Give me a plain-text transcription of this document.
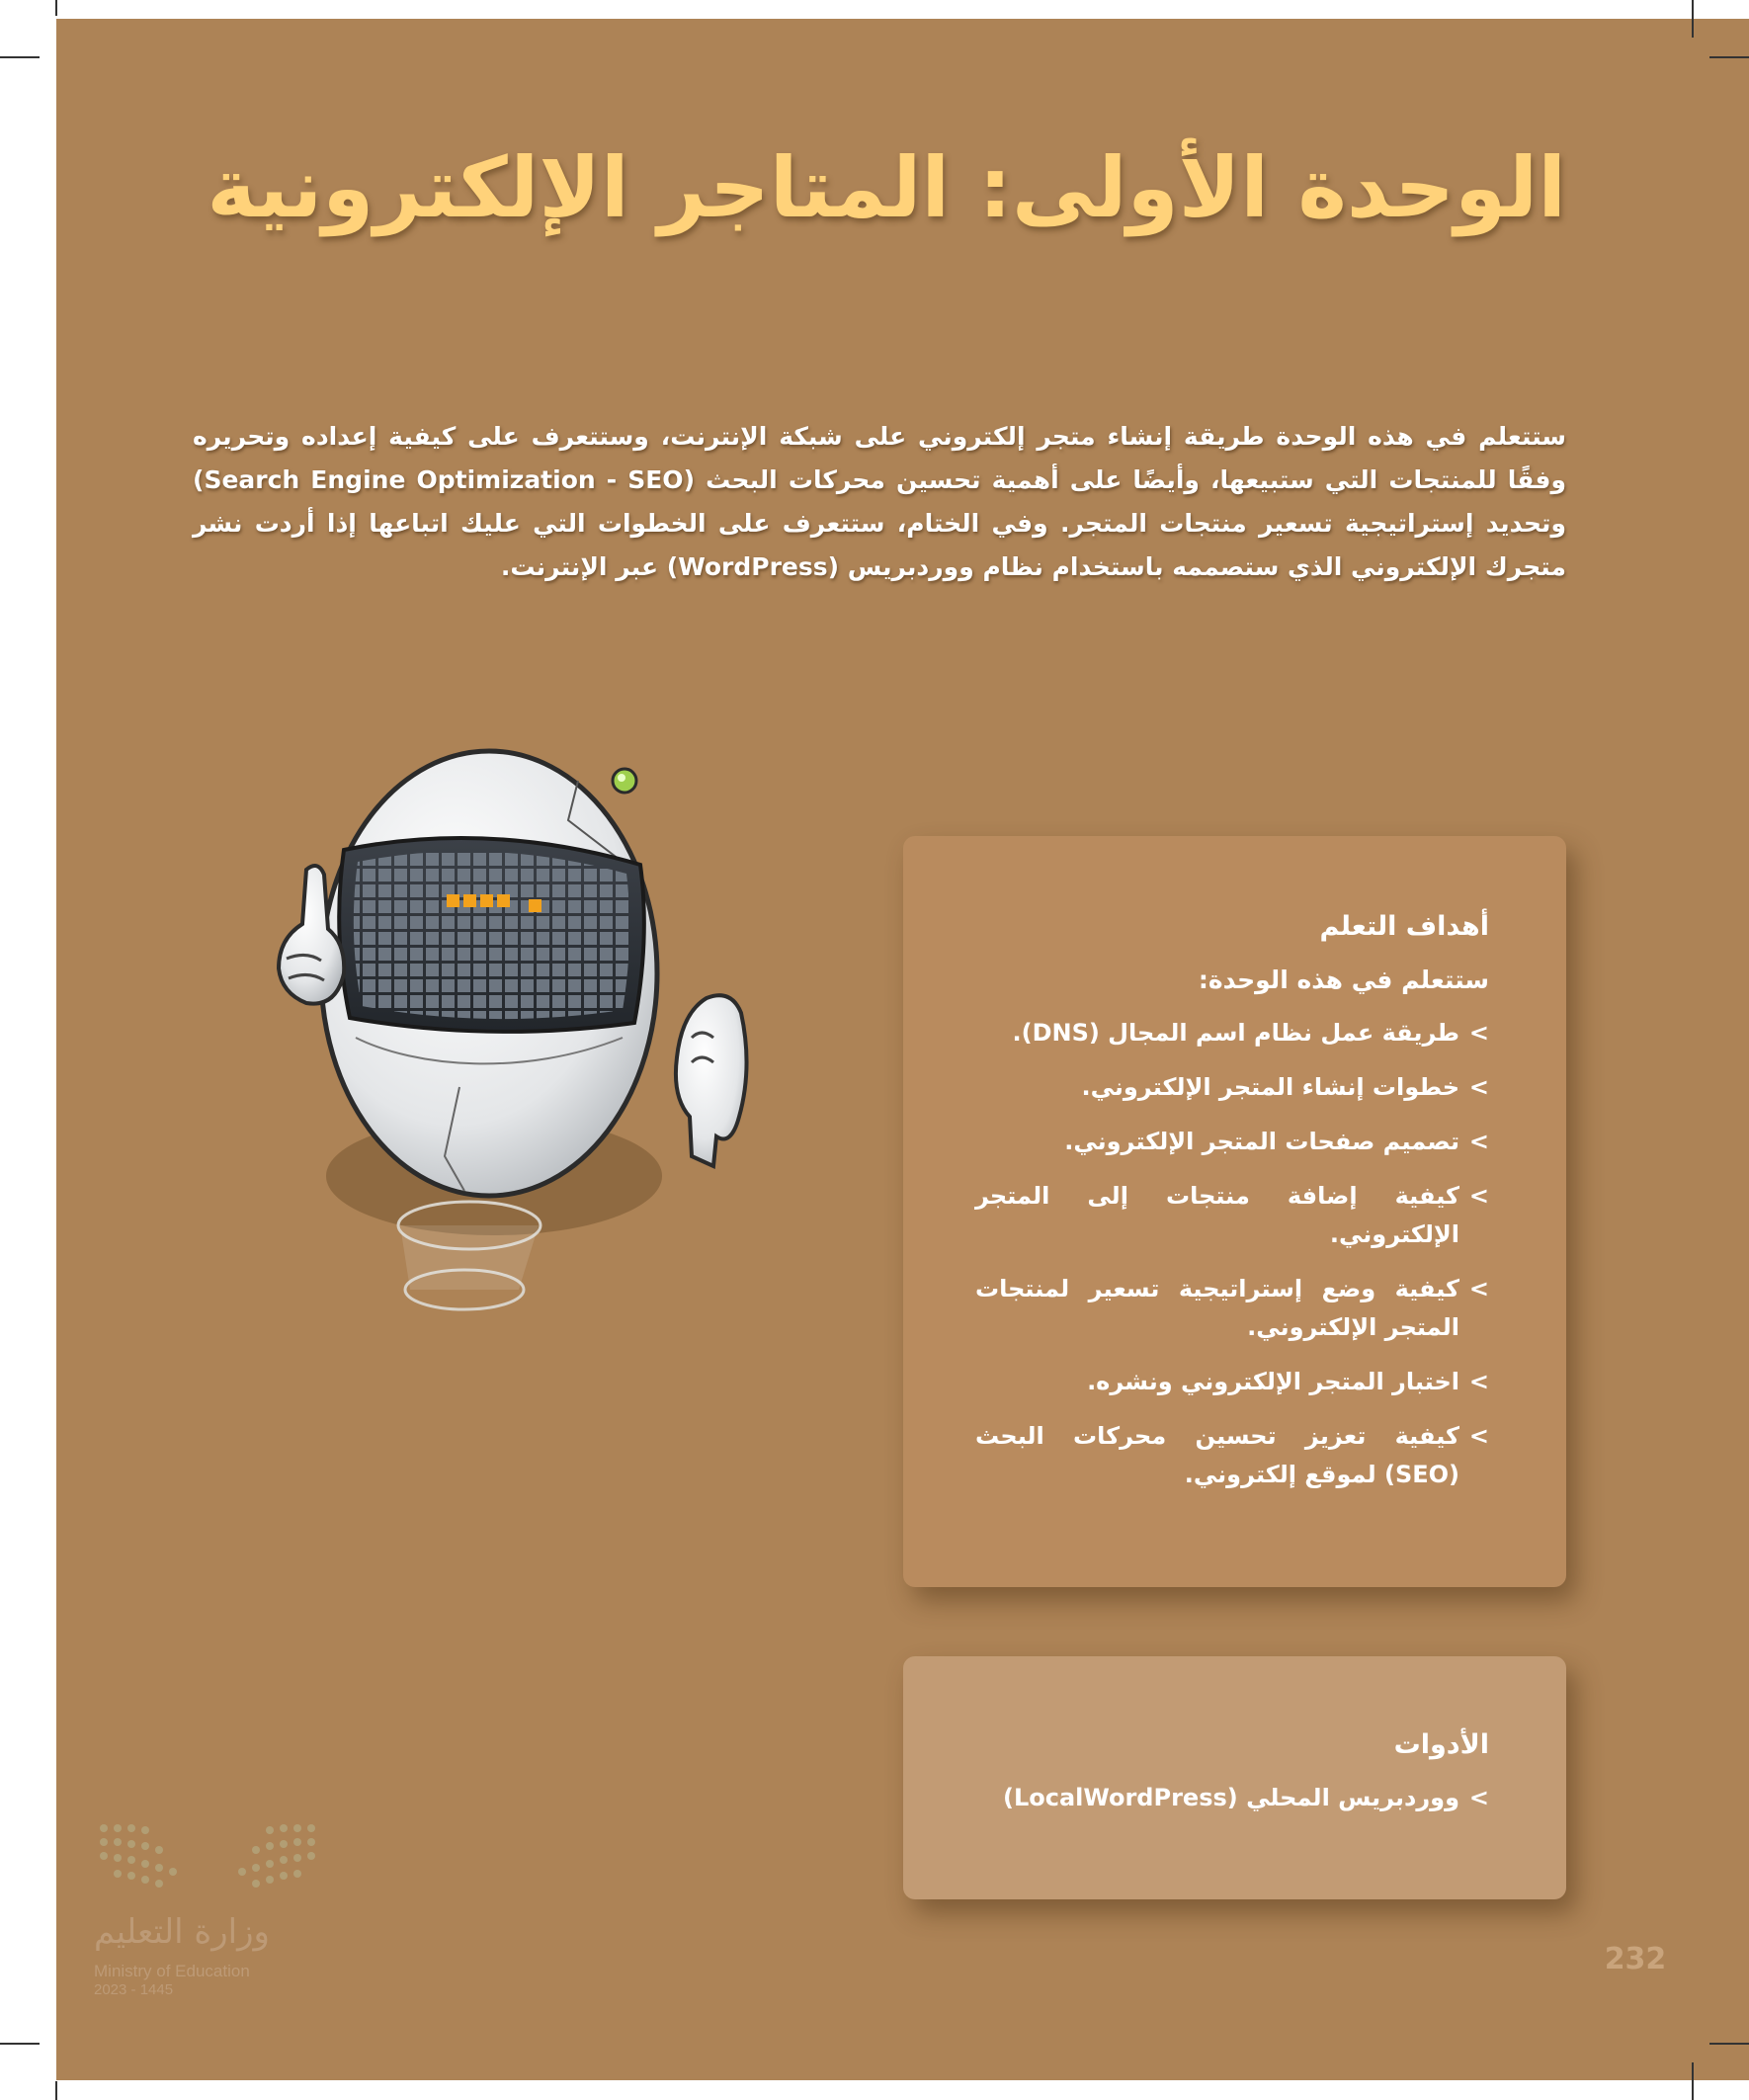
الوحدة الأولى: المتاجر الإلكترونية

ستتعلم في هذه الوحدة طريقة إنشاء متجر إلكتروني على شبكة الإنترنت، وستتعرف على كيفية إعداده وتحريره وفقًا للمنتجات التي ستبيعها، وأيضًا على أهمية تحسين محركات البحث (Search Engine Optimization - SEO) وتحديد إستراتيجية تسعير منتجات المتجر. وفي الختام، ستتعرف على الخطوات التي عليك اتباعها إذا أردت نشر متجرك الإلكتروني الذي ستصممه باستخدام نظام ووردبريس (WordPress) عبر الإنترنت.

أهداف التعلم
ستتعلم في هذه الوحدة:
>
طريقة عمل نظام اسم المجال (DNS).
>
خطوات إنشاء المتجر الإلكتروني.
>
تصميم صفحات المتجر الإلكتروني.
>
كيفية إضافة منتجات إلى المتجر الإلكتروني.
>
كيفية وضع إستراتيجية تسعير لمنتجات المتجر الإلكتروني.
>
اختبار المتجر الإلكتروني ونشره.
>
كيفية تعزيز تحسين محركات البحث (SEO) لموقع إلكتروني.
الأدوات
>
ووردبريس المحلي (LocalWordPress)
وزارة التعليم
Ministry of Education
2023 - 1445
232
